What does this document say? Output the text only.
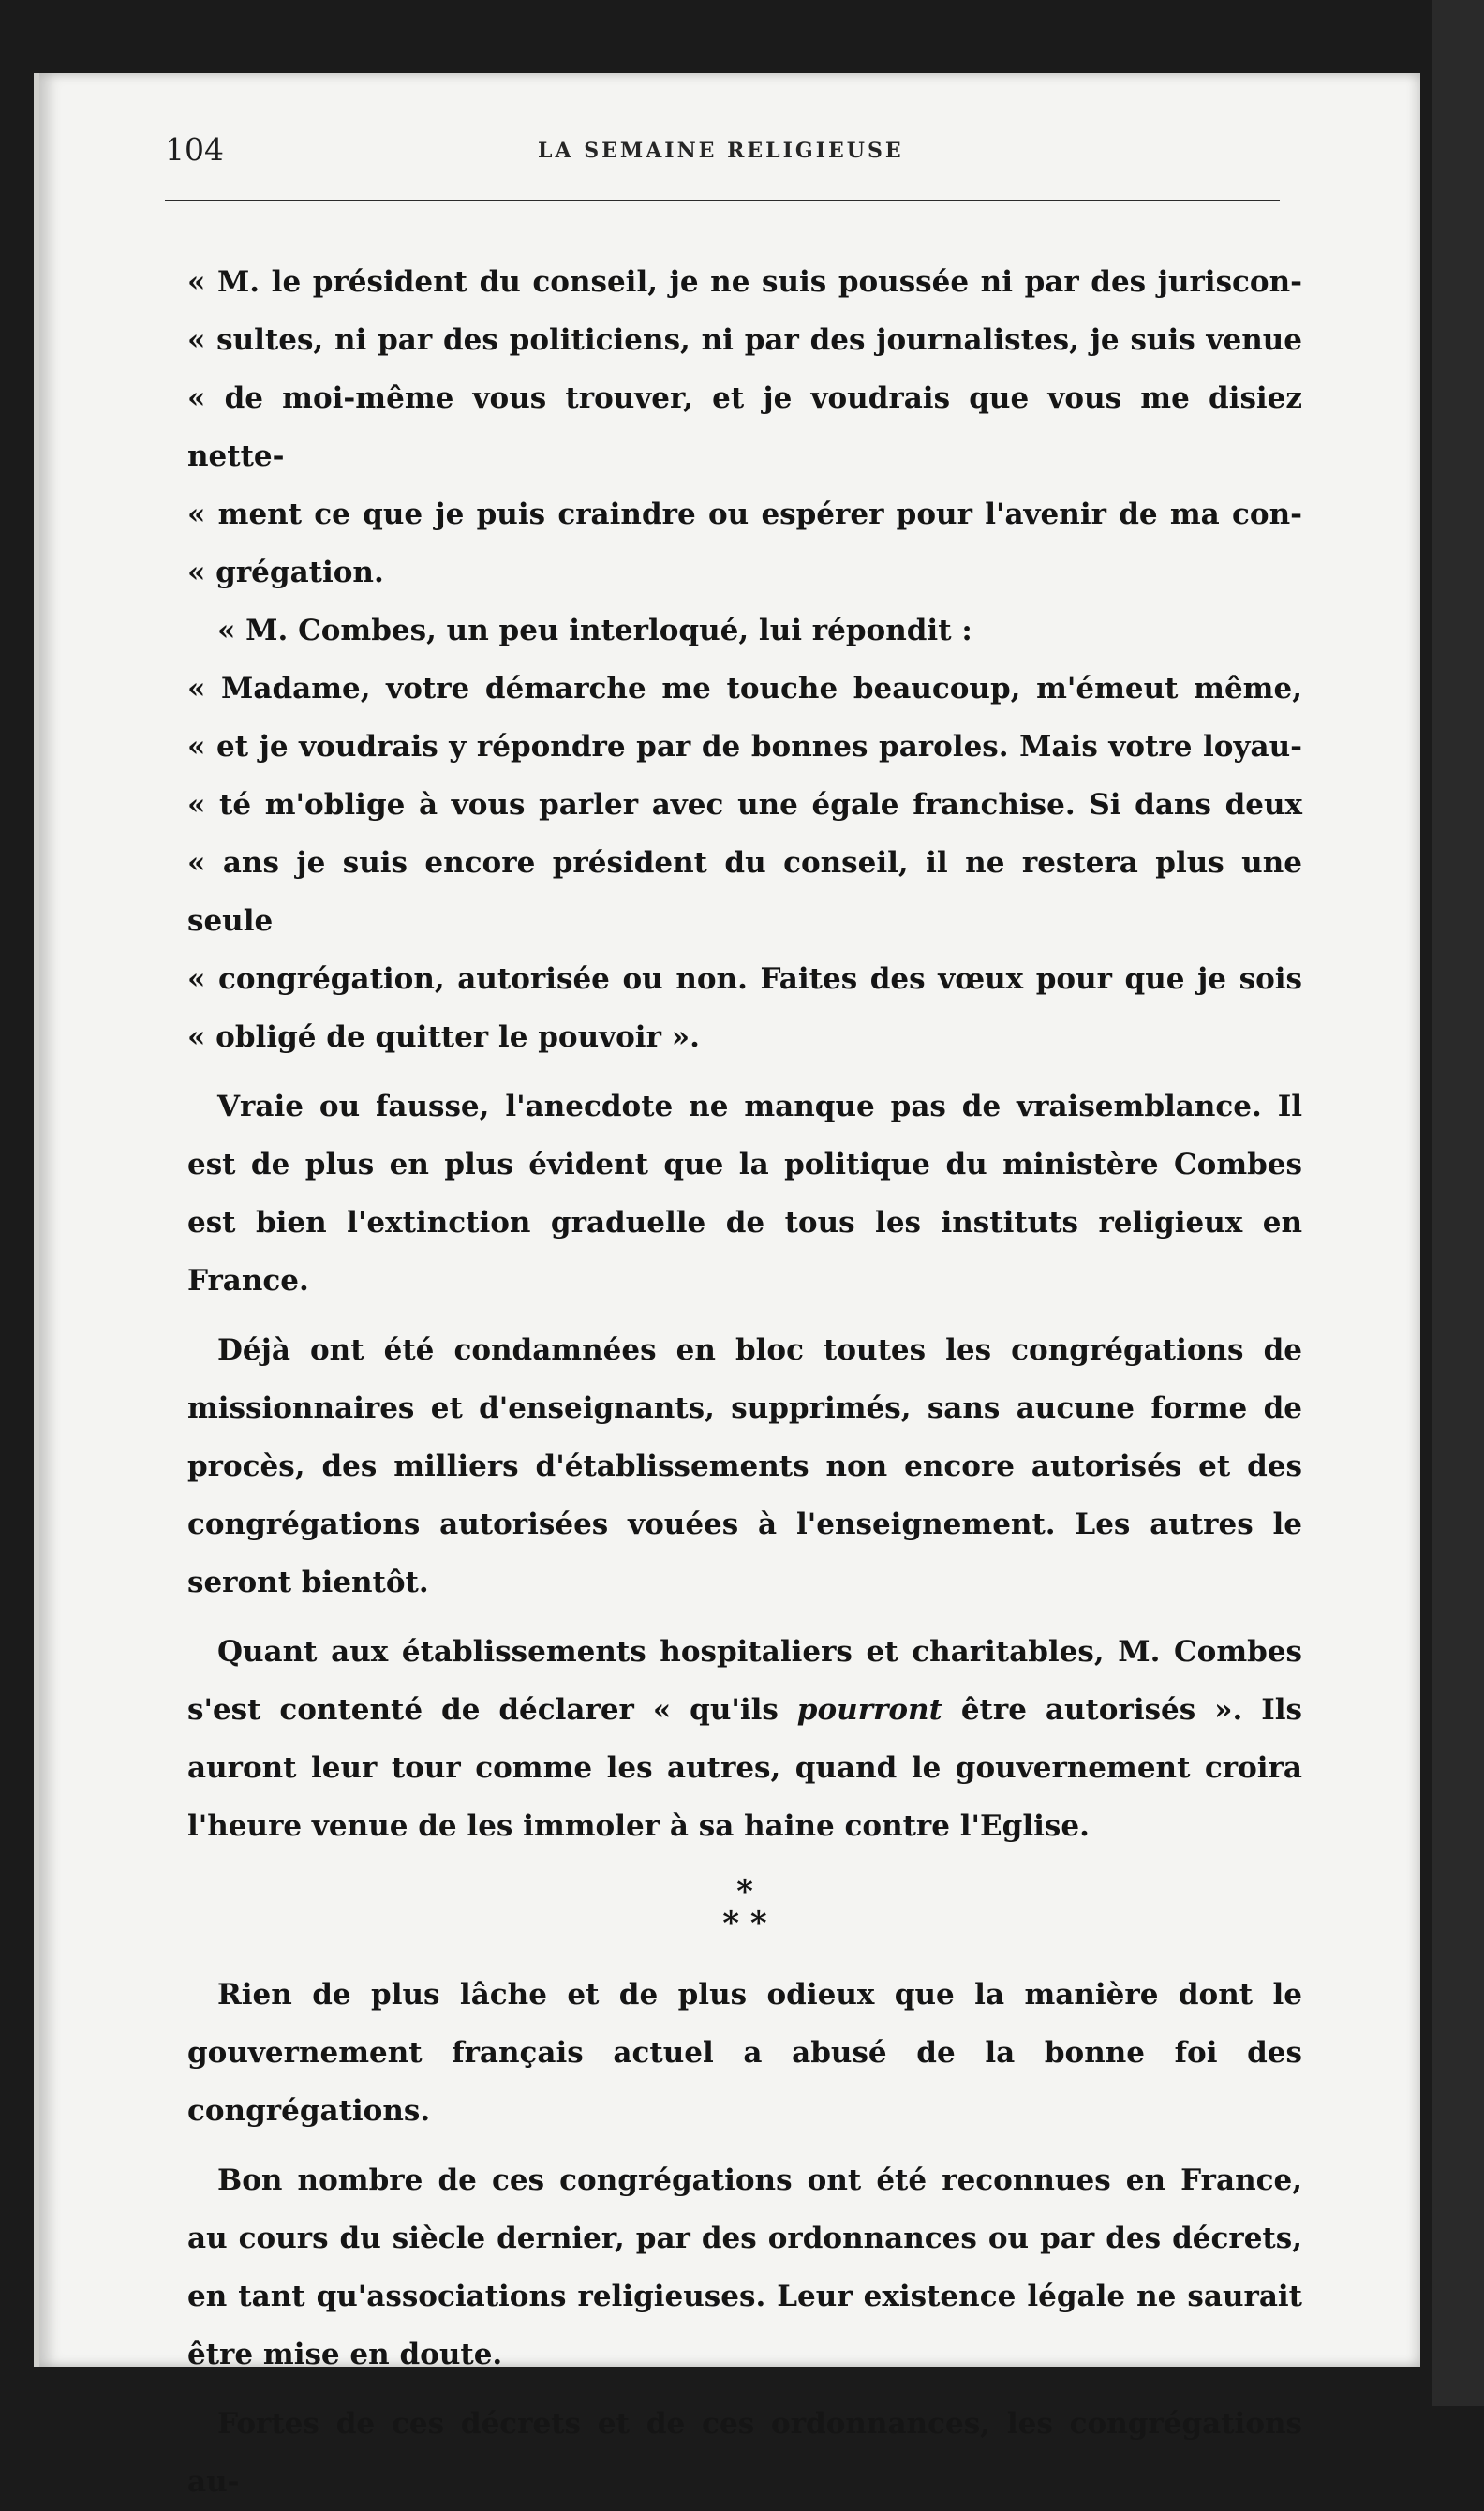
104	LA SEMAINE RELIGIEUSE
« M. le président du conseil, je ne suis poussée ni par des juriscon-
« sultes, ni par des politiciens, ni par des journalistes, je suis venue
« de moi-même vous trouver, et je voudrais que vous me disiez nette-
« ment ce que je puis craindre ou espérer pour l'avenir de ma con-
« grégation.

« M. Combes, un peu interloqué, lui répondit :

« Madame, votre démarche me touche beaucoup, m'émeut même,
« et je voudrais y répondre par de bonnes paroles. Mais votre loyau-
« té m'oblige à vous parler avec une égale franchise. Si dans deux
« ans je suis encore président du conseil, il ne restera plus une seule
« congrégation, autorisée ou non. Faites des vœux pour que je sois
« obligé de quitter le pouvoir ».

Vraie ou fausse, l'anecdote ne manque pas de vraisemblance. Il est de plus en plus évident que la politique du ministère Combes est bien l'extinction graduelle de tous les instituts religieux en France.

Déjà ont été condamnées en bloc toutes les congrégations de missionnaires et d'enseignants, supprimés, sans aucune forme de procès, des milliers d'établissements non encore autorisés et des congrégations autorisées vouées à l'enseignement. Les autres le seront bientôt.

Quant aux établissements hospitaliers et charitables, M. Combes s'est contenté de déclarer « qu'ils pourront être autorisés ». Ils auront leur tour comme les autres, quand le gouvernement croira l'heure venue de les immoler à sa haine contre l'Eglise.

*
* *

Rien de plus lâche et de plus odieux que la manière dont le gouvernement français actuel a abusé de la bonne foi des congrégations.

Bon nombre de ces congrégations ont été reconnues en France, au cours du siècle dernier, par des ordonnances ou par des décrets, en tant qu'associations religieuses. Leur existence légale ne saurait être mise en doute.

Fortes de ces décrets et de ces ordonnances, les congrégations au-
